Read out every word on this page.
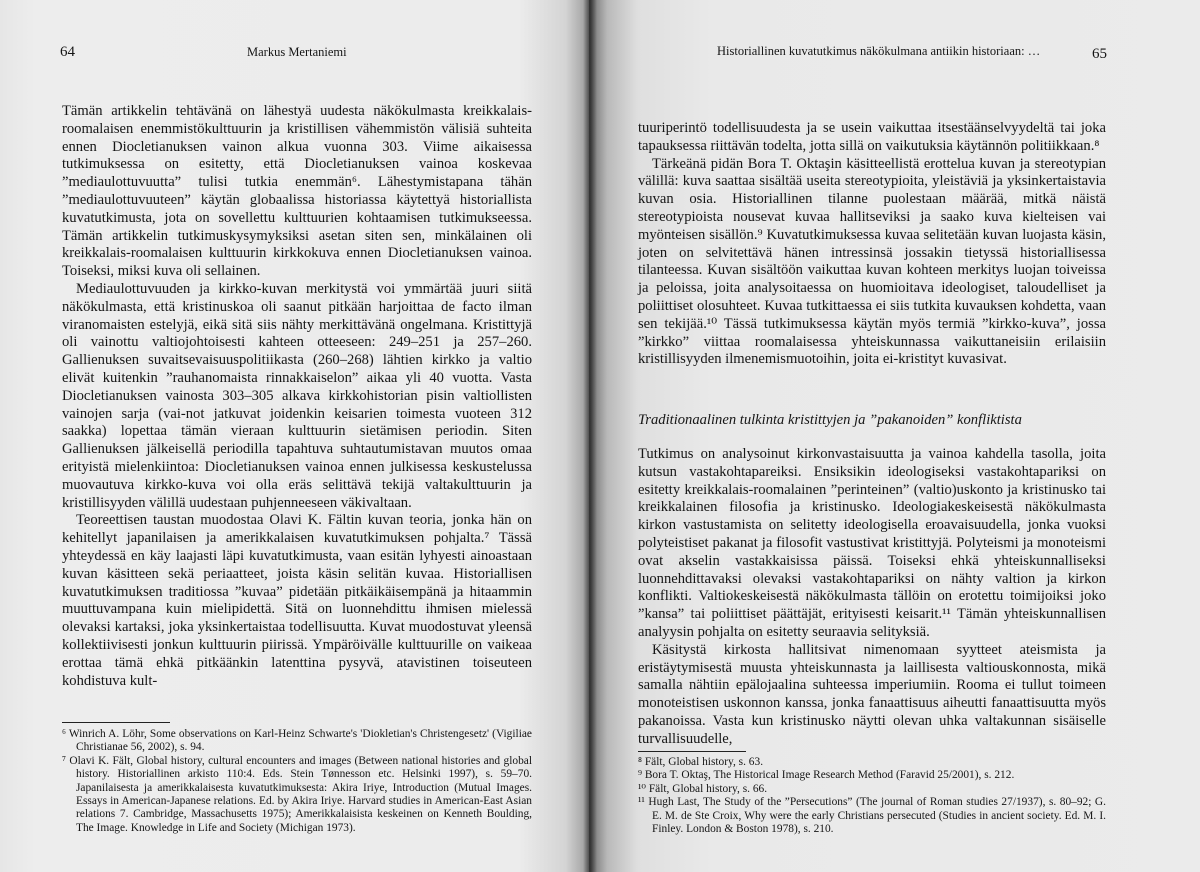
64	Markus Mertaniemi

Tämän artikkelin tehtävänä on lähestyä uudesta näkökulmasta kreikkalais-roomalaisen enemmistökulttuurin ja kristillisen vähemmistön välisiä suhteita ennen Diocletianuksen vainon alkua vuonna 303. Viime aikaisessa tutkimuksessa on esitetty, että Diocletianuksen vainoa koskevaa ”mediaulottuvuutta” tulisi tutkia enemmän⁶. Lähestymistapana tähän ”mediaulottuvuuteen” käytän globaalissa historiassa käytettyä historiallista kuvatutkimusta, jota on sovellettu kulttuurien kohtaamisen tutkimukseessa. Tämän artikkelin tutkimuskysymyksiksi asetan siten sen, minkälainen oli kreikkalais-roomalaisen kulttuurin kirkkokuva ennen Diocletianuksen vainoa. Toiseksi, miksi kuva oli sellainen.

Mediaulottuvuuden ja kirkko-kuvan merkitystä voi ymmärtää juuri siitä näkökulmasta, että kristinuskoa oli saanut pitkään harjoittaa de facto ilman viranomaisten estelyjä, eikä sitä siis nähty merkittävänä ongelmana. Kristittyjä oli vainottu valtiojohtoisesti kahteen otteeseen: 249–251 ja 257–260. Gallienuksen suvaitsevaisuuspolitiikasta (260–268) lähtien kirkko ja valtio elivät kuitenkin ”rauhanomaista rinnakkaiselon” aikaa yli 40 vuotta. Vasta Diocletianuksen vainosta 303–305 alkava kirkkohistorian pisin valtiollisten vainojen sarja (vai-not jatkuvat joidenkin keisarien toimesta vuoteen 312 saakka) lopettaa tämän vieraan kulttuurin sietämisen periodin. Siten Gallienuksen jälkeisellä periodilla tapahtuva suhtautumistavan muutos omaa erityistä mielenkiintoa: Diocletianuksen vainoa ennen julkisessa keskustelussa muovautuva kirkko-kuva voi olla eräs selittävä tekijä valtakulttuurin ja kristillisyyden välillä uudestaan puhjenneeseen väkivaltaan.

Teoreettisen taustan muodostaa Olavi K. Fältin kuvan teoria, jonka hän on kehitellyt japanilaisen ja amerikkalaisen kuvatutkimuksen pohjalta.⁷ Tässä yhteydessä en käy laajasti läpi kuvatutkimusta, vaan esitän lyhyesti ainoastaan kuvan käsitteen sekä periaatteet, joista käsin selitän kuvaa. Historiallisen kuvatutkimuksen traditiossa ”kuvaa” pidetään pitkäikäisempänä ja hitaammin muuttuvampana kuin mielipidettä. Sitä on luonnehdittu ihmisen mielessä olevaksi kartaksi, joka yksinkertaistaa todellisuutta. Kuvat muodostuvat yleensä kollektiivisesti jonkun kulttuurin piirissä. Ympäröivälle kulttuurille on vaikeaa erottaa tämä ehkä pitkäänkin latenttina pysyvä, atavistinen toiseuteen kohdistuva kult-

⁶ Winrich A. Löhr, Some observations on Karl-Heinz Schwarte's 'Diokletian's Christengesetz' (Vigiliae Christianae 56, 2002), s. 94.

⁷ Olavi K. Fält, Global history, cultural encounters and images (Between national histories and global history. Historiallinen arkisto 110:4. Eds. Stein Tønnesson etc. Helsinki 1997), s. 59–70. Japanilaisesta ja amerikkalaisesta kuvatutkimuksesta: Akira Iriye, Introduction (Mutual Images. Essays in American-Japanese relations. Ed. by Akira Iriye. Harvard studies in American-East Asian relations 7. Cambridge, Massachusetts 1975); Amerikkalaisista keskeinen on Kenneth Boulding, The Image. Knowledge in Life and Society (Michigan 1973).

Historiallinen kuvatutkimus näkökulmana antiikin historiaan: …	65

tuuriperintö todellisuudesta ja se usein vaikuttaa itsestäänselvyydeltä tai joka tapauksessa riittävän todelta, jotta sillä on vaikutuksia käytännön politiikkaan.⁸

Tärkeänä pidän Bora T. Oktaşin käsitteellistä erottelua kuvan ja stereotypian välillä: kuva saattaa sisältää useita stereotypioita, yleistäviä ja yksinkertaistavia kuvan osia. Historiallinen tilanne puolestaan määrää, mitkä näistä stereotypioista nousevat kuvaa hallitseviksi ja saako kuva kielteisen vai myönteisen sisällön.⁹ Kuvatutkimuksessa kuvaa selitetään kuvan luojasta käsin, joten on selvitettävä hänen intressinsä jossakin tietyssä historiallisessa tilanteessa. Kuvan sisältöön vaikuttaa kuvan kohteen merkitys luojan toiveissa ja peloissa, joita analysoitaessa on huomioitava ideologiset, taloudelliset ja poliittiset olosuhteet. Kuvaa tutkittaessa ei siis tutkita kuvauksen kohdetta, vaan sen tekijää.¹⁰ Tässä tutkimuksessa käytän myös termiä ”kirkko-kuva”, jossa ”kirkko” viittaa roomalaisessa yhteiskunnassa vaikuttaneisiin erilaisiin kristillisyyden ilmenemismuotoihin, joita ei-kristityt kuvasivat.

Traditionaalinen tulkinta kristittyjen ja ”pakanoiden” konfliktista

Tutkimus on analysoinut kirkonvastaisuutta ja vainoa kahdella tasolla, joita kutsun vastakohtapareiksi. Ensiksikin ideologiseksi vastakohtapariksi on esitetty kreikkalais-roomalainen ”perinteinen” (valtio)uskonto ja kristinusko tai kreikkalainen filosofia ja kristinusko. Ideologiakeskeisestä näkökulmasta kirkon vastustamista on selitetty ideologisella eroavaisuudella, jonka vuoksi polyteistiset pakanat ja filosofit vastustivat kristittyjä. Polyteismi ja monoteismi ovat akselin vastakkaisissa päissä. Toiseksi ehkä yhteiskunnalliseksi luonnehdittavaksi olevaksi vastakohtapariksi on nähty valtion ja kirkon konflikti. Valtiokeskeisestä näkökulmasta tällöin on erotettu toimijoiksi joko ”kansa” tai poliittiset päättäjät, erityisesti keisarit.¹¹ Tämän yhteiskunnallisen analyysin pohjalta on esitetty seuraavia selityksiä.

Käsitystä kirkosta hallitsivat nimenomaan syytteet ateismista ja eristäytymisestä muusta yhteiskunnasta ja laillisesta valtiouskonnosta, mikä samalla nähtiin epälojaalina suhteessa imperiumiin. Rooma ei tullut toimeen monoteistisen uskonnon kanssa, jonka fanaattisuus aiheutti fanaattisuutta myös pakanoissa. Vasta kun kristinusko näytti olevan uhka valtakunnan sisäiselle turvallisuudelle,

⁸ Fält, Global history, s. 63.

⁹ Bora T. Oktaş, The Historical Image Research Method (Faravid 25/2001), s. 212.

¹⁰ Fält, Global history, s. 66.

¹¹ Hugh Last, The Study of the ”Persecutions” (The journal of Roman studies 27/1937), s. 80–92; G. E. M. de Ste Croix, Why were the early Christians persecuted (Studies in ancient society. Ed. M. I. Finley. London & Boston 1978), s. 210.
